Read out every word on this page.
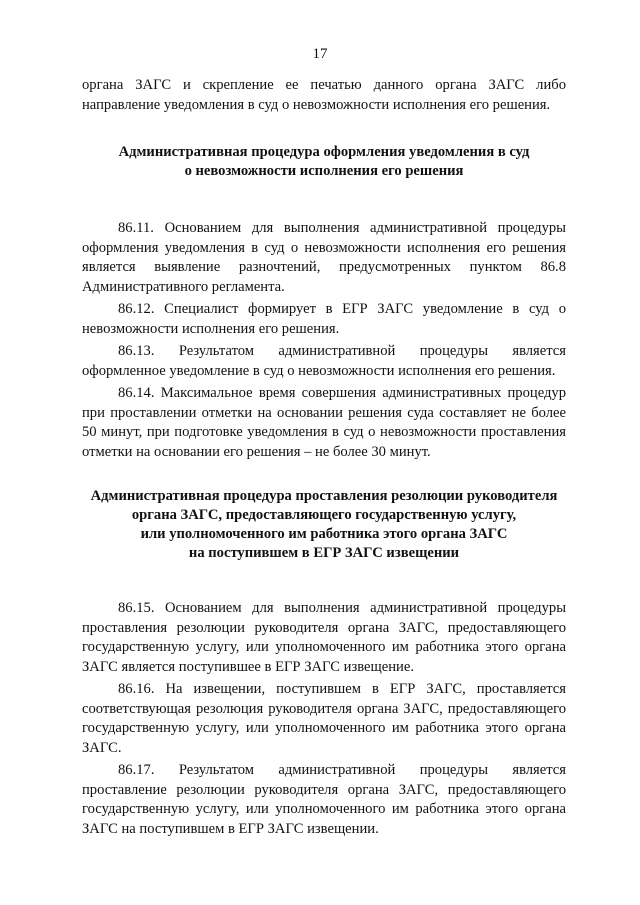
17

органа ЗАГС и скрепление ее печатью данного органа ЗАГС либо направление уведомления в суд о невозможности исполнения его решения.

Административная процедура оформления уведомления в суд
о невозможности исполнения его решения

86.11. Основанием для выполнения административной процедуры оформления уведомления в суд о невозможности исполнения его решения является выявление разночтений, предусмотренных пунктом 86.8 Административного регламента.

86.12. Специалист формирует в ЕГР ЗАГС уведомление в суд о невозможности исполнения его решения.

86.13. Результатом административной процедуры является оформленное уведомление в суд о невозможности исполнения его решения.

86.14. Максимальное время совершения административных процедур при проставлении отметки на основании решения суда составляет не более 50 минут, при подготовке уведомления в суд о невозможности проставления отметки на основании его решения – не более 30 минут.

Административная процедура проставления резолюции руководителя
органа ЗАГС, предоставляющего государственную услугу,
или уполномоченного им работника этого органа ЗАГС
на поступившем в ЕГР ЗАГС извещении

86.15. Основанием для выполнения административной процедуры проставления резолюции руководителя органа ЗАГС, предоставляющего государственную услугу, или уполномоченного им работника этого органа ЗАГС является поступившее в ЕГР ЗАГС извещение.

86.16. На извещении, поступившем в ЕГР ЗАГС, проставляется соответствующая резолюция руководителя органа ЗАГС, предоставляющего государственную услугу, или уполномоченного им работника этого органа ЗАГС.

86.17. Результатом административной процедуры является проставление резолюции руководителя органа ЗАГС, предоставляющего государственную услугу, или уполномоченного им работника этого органа ЗАГС на поступившем в ЕГР ЗАГС извещении.
